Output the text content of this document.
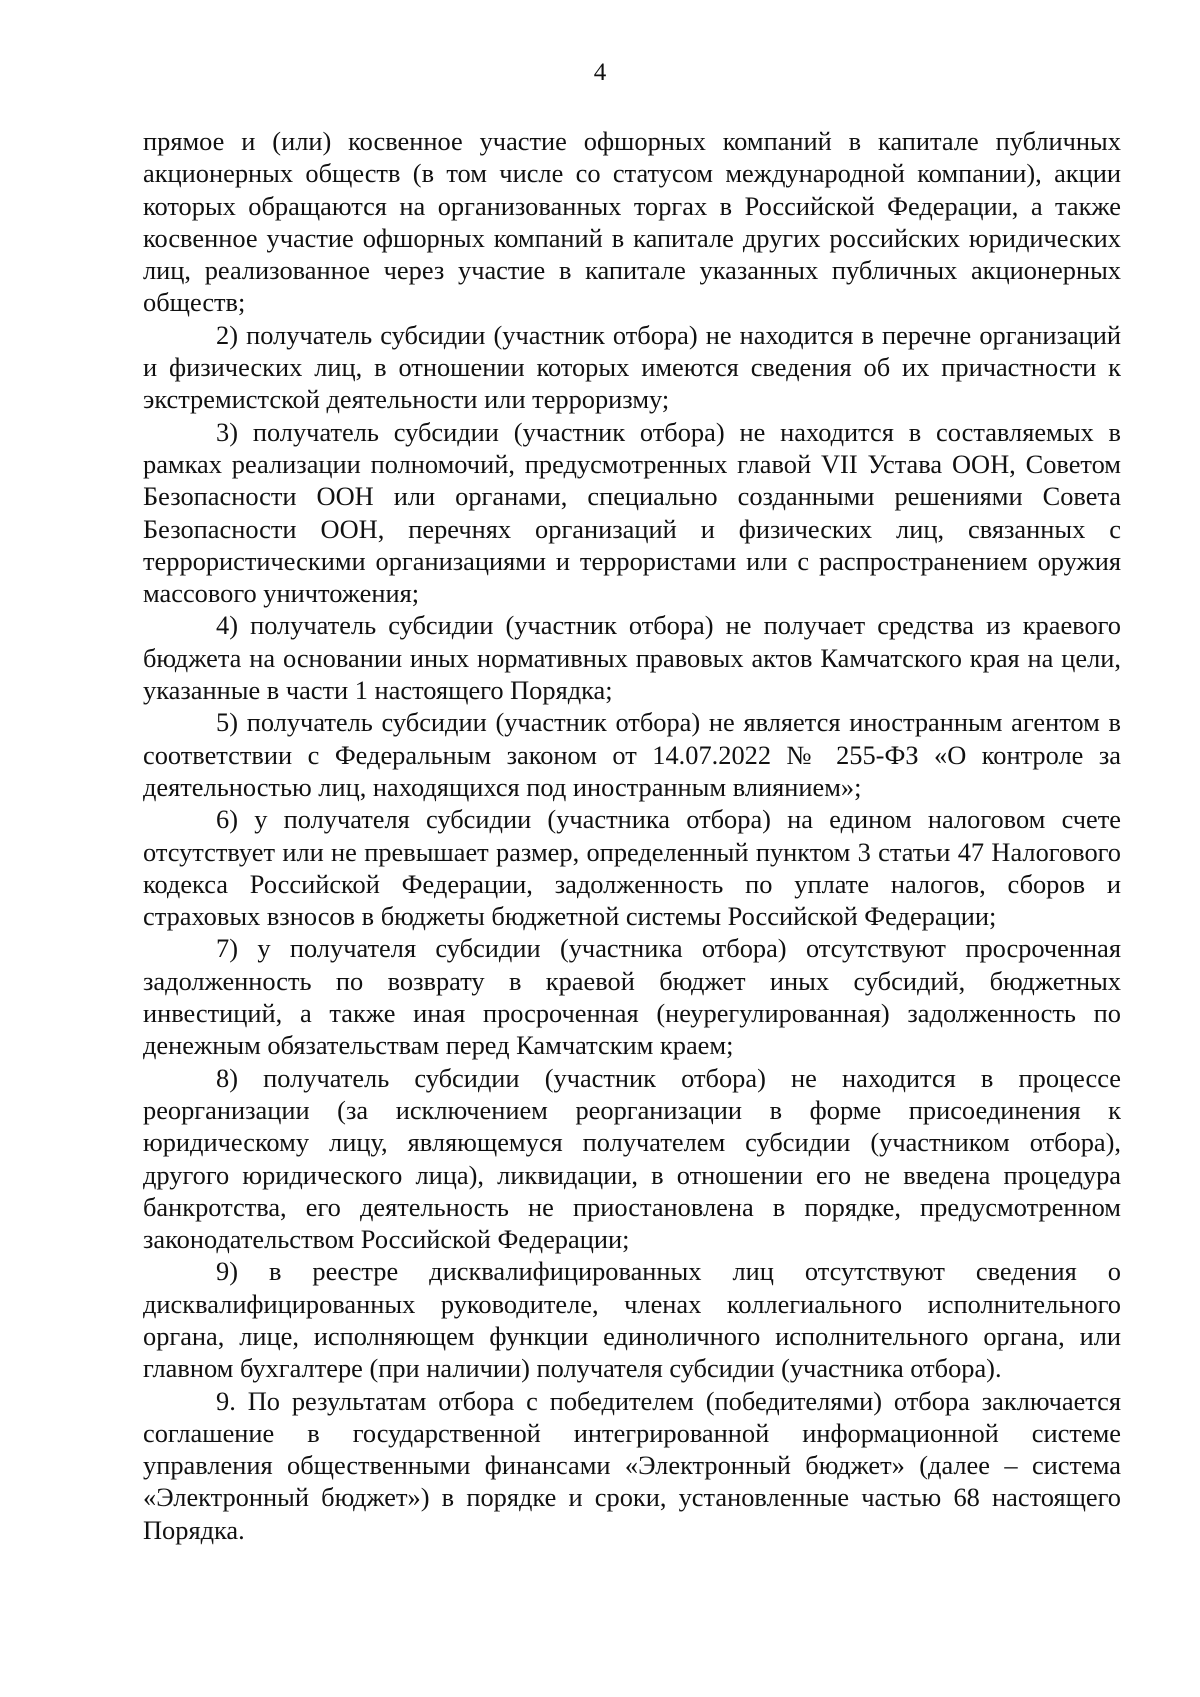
4

прямое и (или) косвенное участие офшорных компаний в капитале публичных акционерных обществ (в том числе со статусом международной компании), акции которых обращаются на организованных торгах в Российской Федерации, а также косвенное участие офшорных компаний в капитале других российских юридических лиц, реализованное через участие в капитале указанных публичных акционерных обществ;

2) получатель субсидии (участник отбора) не находится в перечне организаций и физических лиц, в отношении которых имеются сведения об их причастности к экстремистской деятельности или терроризму;

3) получатель субсидии (участник отбора) не находится в составляемых в рамках реализации полномочий, предусмотренных главой VII Устава ООН, Советом Безопасности ООН или органами, специально созданными решениями Совета Безопасности ООН, перечнях организаций и физических лиц, связанных с террористическими организациями и террористами или с распространением оружия массового уничтожения;

4) получатель субсидии (участник отбора) не получает средства из краевого бюджета на основании иных нормативных правовых актов Камчатского края на цели, указанные в части 1 настоящего Порядка;

5) получатель субсидии (участник отбора) не является иностранным агентом в соответствии с Федеральным законом от 14.07.2022 № 255-ФЗ «О контроле за деятельностью лиц, находящихся под иностранным влиянием»;

6) у получателя субсидии (участника отбора) на едином налоговом счете отсутствует или не превышает размер, определенный пунктом 3 статьи 47 Налогового кодекса Российской Федерации, задолженность по уплате налогов, сборов и страховых взносов в бюджеты бюджетной системы Российской Федерации;

7) у получателя субсидии (участника отбора) отсутствуют просроченная задолженность по возврату в краевой бюджет иных субсидий, бюджетных инвестиций, а также иная просроченная (неурегулированная) задолженность по денежным обязательствам перед Камчатским краем;

8) получатель субсидии (участник отбора) не находится в процессе реорганизации (за исключением реорганизации в форме присоединения к юридическому лицу, являющемуся получателем субсидии (участником отбора), другого юридического лица), ликвидации, в отношении его не введена процедура банкротства, его деятельность не приостановлена в порядке, предусмотренном законодательством Российской Федерации;

9) в реестре дисквалифицированных лиц отсутствуют сведения о дисквалифицированных руководителе, членах коллегиального исполнительного органа, лице, исполняющем функции единоличного исполнительного органа, или главном бухгалтере (при наличии) получателя субсидии (участника отбора).

9. По результатам отбора с победителем (победителями) отбора заключается соглашение в государственной интегрированной информационной системе управления общественными финансами «Электронный бюджет» (далее – система «Электронный бюджет») в порядке и сроки, установленные частью 68 настоящего Порядка.
